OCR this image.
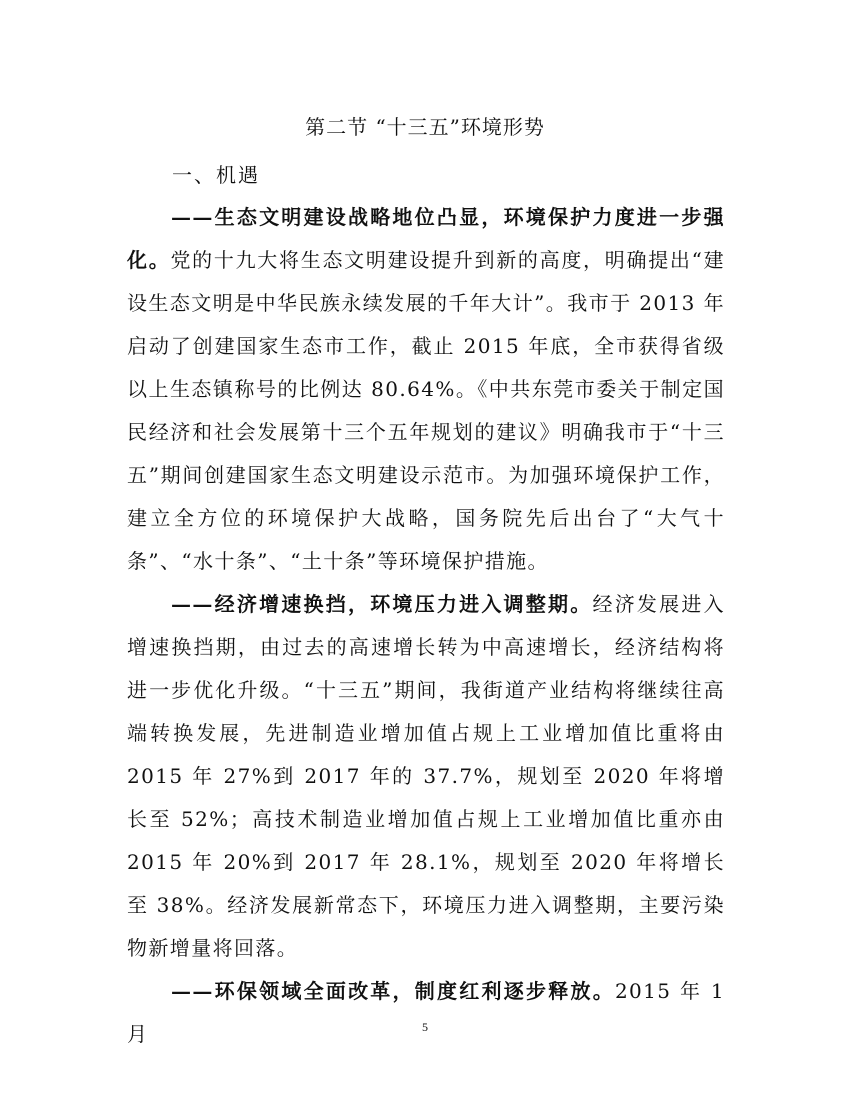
第二节 “十三五”环境形势
一、机遇

——生态文明建设战略地位凸显，环境保护力度进一步强化。党的十九大将生态文明建设提升到新的高度，明确提出“建设生态文明是中华民族永续发展的千年大计”。我市于 2013 年启动了创建国家生态市工作，截止 2015 年底，全市获得省级以上生态镇称号的比例达 80.64%。《中共东莞市委关于制定国民经济和社会发展第十三个五年规划的建议》明确我市于“十三五”期间创建国家生态文明建设示范市。为加强环境保护工作，建立全方位的环境保护大战略，国务院先后出台了“大气十条”、“水十条”、“土十条”等环境保护措施。

——经济增速换挡，环境压力进入调整期。经济发展进入增速换挡期，由过去的高速增长转为中高速增长，经济结构将进一步优化升级。“十三五”期间，我街道产业结构将继续往高端转换发展，先进制造业增加值占规上工业增加值比重将由 2015 年 27%到 2017 年的 37.7%，规划至 2020 年将增长至 52%；高技术制造业增加值占规上工业增加值比重亦由 2015 年 20%到 2017 年 28.1%，规划至 2020 年将增长至 38%。经济发展新常态下，环境压力进入调整期，主要污染物新增量将回落。

——环保领域全面改革，制度红利逐步释放。2015 年 1 月	5
